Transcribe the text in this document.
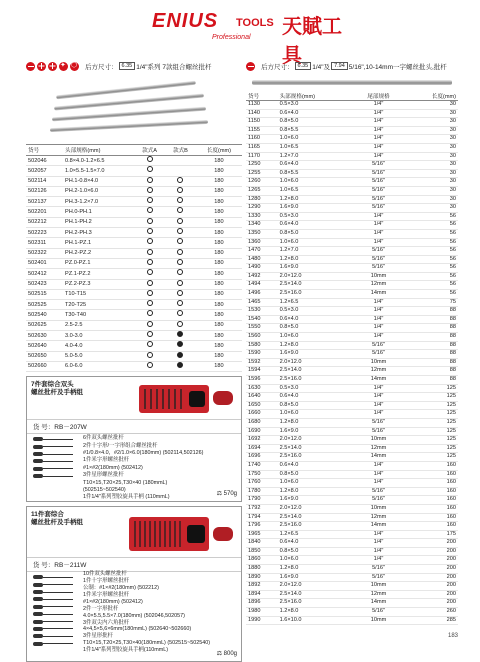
ENIUS TOOLS 天賦工具
Professional
✦
⬡
后方尺寸： 6.35 1/4"系列 7款组合螺丝批杆
货号	头部规格(mm)	款式A	款式B	长度(mm)
502046	0.8×4.0-1.2×6.5			180
502057	1.0×5.5-1.5×7.0			180
502114	PH.1-0.8×4.0			180
502126	PH.2-1.0×6.0			180
502137	PH.3-1.2×7.0			180
502201	PH.0-PH.1			180
502212	PH.1-PH.2			180
502223	PH.2-PH.3			180
502311	PH.1-PZ.1			180
502322	PH.2-PZ.2			180
502401	PZ.0-PZ.1			180
502412	PZ.1-PZ.2			180
502423	PZ.2-PZ.3			180
502515	T10-T15			180
502525	T20-T25			180
502540	T30-T40			180
502625	2.5-2.5			180
502630	3.0-3.0			180
502640	4.0-4.0			180
502650	5.0-5.0			180
502660	6.0-6.0			180
7件套综合双头
螺丝批杆及手柄组
货 号：RB－207W
6件双头螺丝批杆
2件十字形/一字形组合螺丝批杆
#1/0.8×4.0，#2/1.0×6.0(180mm) (502114,502126)
1件米字形螺丝批杆
#1×#2(180mm) (502412)
3件星形螺丝批杆
T10×15,T20×25,T30×40 (180mmL)
(502515~502540)
1件1/4"系列塑胶旋具手柄 (110mmL)
⚖ 570g
11件套综合
螺丝批杆及手柄组
货 号：RB－211W
10件双头螺丝批杆
1件十字形螺丝批杆
公制：#1×#2(180mm) (502212)
1件米字形螺丝批杆
#1×#2(180mm) (502412)
2件一字形批杆
4.0×5.5,5.5×7.0(180mm) (502046,502057)
3件双尖内六角批杆
4×4,5×5,6×6mm(180mmL) (502640~502660)
3件星形批杆
T10×15,T20×25,T30×40(180mmL) (502515~502540)
1件1/4"系列塑胶旋具手柄(110mmL)
⚖ 800g
后方尺寸： 6.35 1/4"及 7.94 5/16",10-14mm一字螺丝批头,批杆
货号	头部规格(mm)	尾部规格	长度(mm)
1130	0.5×3.0	1/4"	30
1140	0.6×4.0	1/4"	30
1150	0.8×5.0	1/4"	30
1155	0.8×5.5	1/4"	30
1160	1.0×6.0	1/4"	30
1165	1.0×6.5	1/4"	30
1170	1.2×7.0	1/4"	30
1250	0.6×4.0	5/16"	30
1255	0.8×5.5	5/16"	30
1260	1.0×6.0	5/16"	30
1265	1.0×6.5	5/16"	30
1280	1.2×8.0	5/16"	30
1290	1.6×9.0	5/16"	30
1330	0.5×3.0	1/4"	56
1340	0.6×4.0	1/4"	56
1350	0.8×5.0	1/4"	56
1360	1.0×6.0	1/4"	56
1470	1.2×7.0	5/16"	56
1480	1.2×8.0	5/16"	56
1490	1.6×9.0	5/16"	56
1492	2.0×12.0	10mm	56
1494	2.5×14.0	12mm	56
1496	2.5×16.0	14mm	56
1465	1.2×6.5	1/4"	75
1530	0.5×3.0	1/4"	88
1540	0.6×4.0	1/4"	88
1550	0.8×5.0	1/4"	88
1560	1.0×6.0	1/4"	88
1580	1.2×8.0	5/16"	88
1590	1.6×9.0	5/16"	88
1592	2.0×12.0	10mm	88
1594	2.5×14.0	12mm	88
1596	2.5×16.0	14mm	88
1630	0.5×3.0	1/4"	125
1640	0.6×4.0	1/4"	125
1650	0.8×5.0	1/4"	125
1660	1.0×6.0	1/4"	125
1680	1.2×8.0	5/16"	125
1690	1.6×9.0	5/16"	125
1692	2.0×12.0	10mm	125
1694	2.5×14.0	12mm	125
1696	2.5×16.0	14mm	125
1740	0.6×4.0	1/4"	160
1750	0.8×5.0	1/4"	160
1760	1.0×6.0	1/4"	160
1780	1.2×8.0	5/16"	160
1790	1.6×9.0	5/16"	160
1792	2.0×12.0	10mm	160
1794	2.5×14.0	12mm	160
1796	2.5×16.0	14mm	160
1965	1.2×6.5	1/4"	175
1840	0.6×4.0	1/4"	200
1850	0.8×5.0	1/4"	200
1860	1.0×6.0	1/4"	200
1880	1.2×8.0	5/16"	200
1890	1.6×9.0	5/16"	200
1892	2.0×12.0	10mm	200
1894	2.5×14.0	12mm	200
1896	2.5×16.0	14mm	200
1980	1.2×8.0	5/16"	260
1990	1.6×10.0	10mm	285
183
